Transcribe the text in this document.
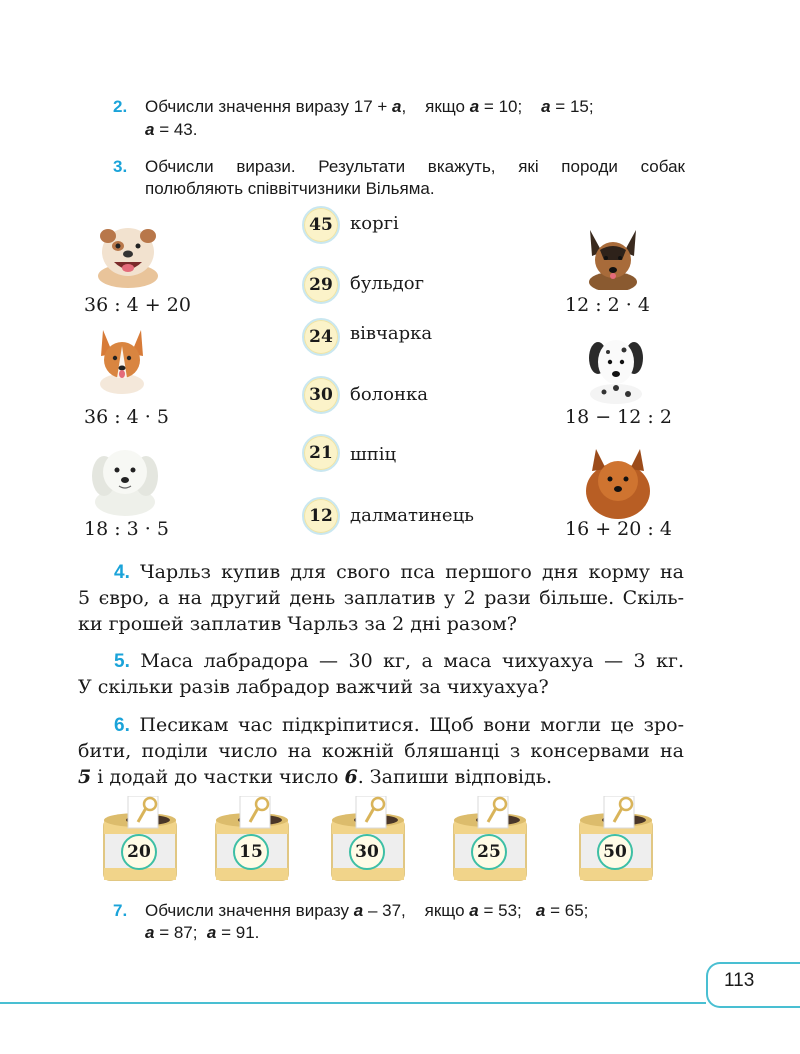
2. Обчисли значення виразу 17 + а,    якщо а = 10;    а = 15;
а = 43.
3. Обчисли вирази. Результати вкажуть, які породи собак
полюбляють співвітчизники Вільяма.
36 : 4 + 20
36 : 4 · 5
18 : 3 · 5
12 : 2 · 4
18 − 12 : 2
16 + 20 : 4
45 коргі
29 бульдог
24 вівчарка
30 болонка
21 шпіц
12 далматинець
4. Чарльз купив для свого пса першого дня корму на
5 євро, а на другий день заплатив у 2 рази більше. Скіль-
ки грошей заплатив Чарльз за 2 дні разом?
5. Маса лабрадора — 30 кг, а маса чихуахуа — 3 кг.
У скільки разів лабрадор важчий за чихуахуа?
6. Песикам час підкріпитися. Щоб вони могли це зро-
бити, поділи число на кожній бляшанці з консервами на
5 і додай до частки число 6. Запиши відповідь.
20	15	30	25	50
7. Обчисли значення виразу а – 37,    якщо а = 53;   а = 65;
а = 87;  а = 91.
113
